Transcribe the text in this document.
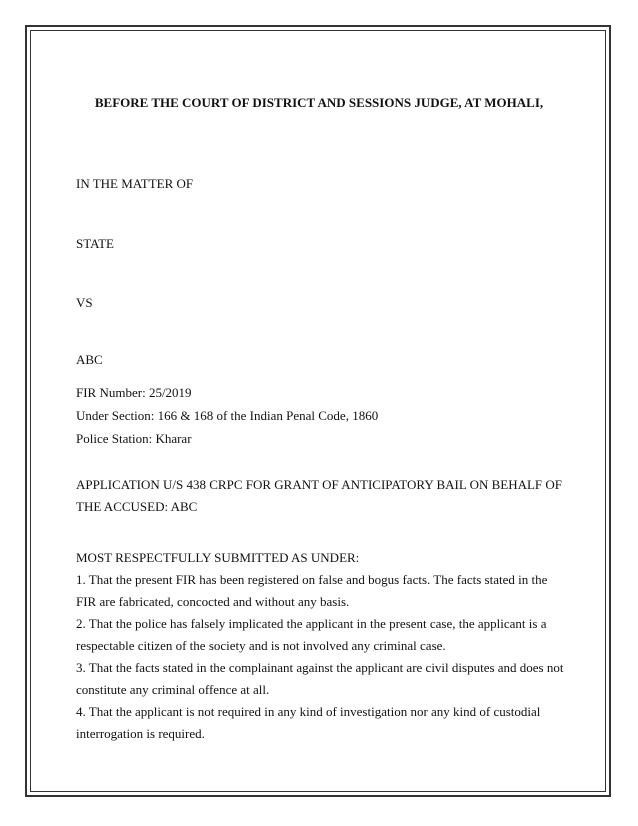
BEFORE THE COURT OF DISTRICT AND SESSIONS JUDGE, AT MOHALI,
IN THE MATTER OF
STATE
VS
ABC
FIR Number: 25/2019
Under Section: 166 & 168 of the Indian Penal Code, 1860
Police Station: Kharar
APPLICATION U/S 438 CRPC FOR GRANT OF ANTICIPATORY BAIL ON BEHALF OF THE ACCUSED: ABC
MOST RESPECTFULLY SUBMITTED AS UNDER:
1. That the present FIR has been registered on false and bogus facts. The facts stated in the FIR are fabricated, concocted and without any basis.
2. That the police has falsely implicated the applicant in the present case, the applicant is a respectable citizen of the society and is not involved any criminal case.
3. That the facts stated in the complainant against the applicant are civil disputes and does not constitute any criminal offence at all.
4. That the applicant is not required in any kind of investigation nor any kind of custodial interrogation is required.
